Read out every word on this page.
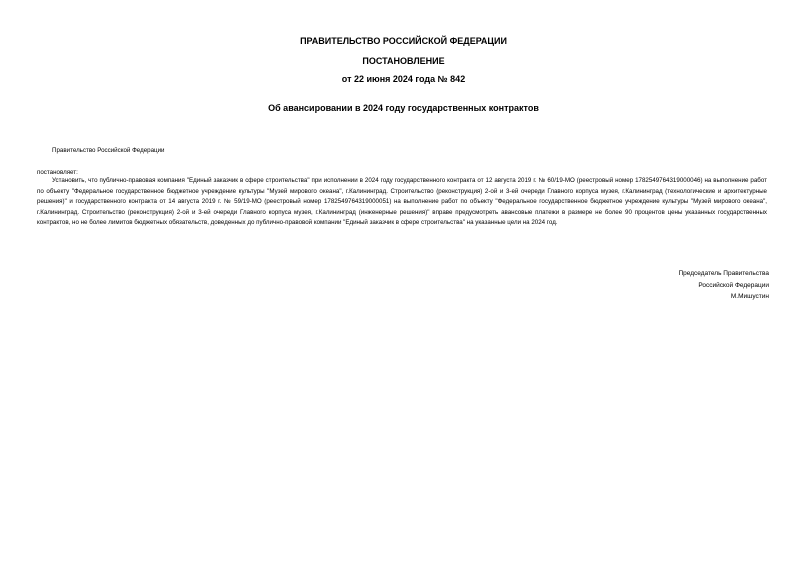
ПРАВИТЕЛЬСТВО РОССИЙСКОЙ ФЕДЕРАЦИИ
ПОСТАНОВЛЕНИЕ
от 22 июня 2024 года № 842
Об авансировании в 2024 году государственных контрактов
Правительство Российской Федерации
постановляет:
Установить, что публично-правовая компания "Единый заказчик в сфере строительства" при исполнении в 2024 году государственного контракта от 12 августа 2019 г. № 60/19-МО (реестровый номер 1782549764319000046) на выполнение работ по объекту "Федеральное государственное бюджетное учреждение культуры "Музей мирового океана", г.Калининград. Строительство (реконструкция) 2-ой и 3-ей очереди Главного корпуса музея, г.Калининград (технологические и архитектурные решения)" и государственного контракта от 14 августа 2019 г. № 59/19-МО (реестровый номер 1782549764319000051) на выполнение работ по объекту "Федеральное государственное бюджетное учреждение культуры "Музей мирового океана", г.Калининград. Строительство (реконструкция) 2-ой и 3-ей очереди Главного корпуса музея, г.Калининград (инженерные решения)" вправе предусмотреть авансовые платежи в размере не более 90 процентов цены указанных государственных контрактов, но не более лимитов бюджетных обязательств, доведенных до публично-правовой компании "Единый заказчик в сфере строительства" на указанные цели на 2024 год.
Председатель Правительства
Российской Федерации
М.Мишустин
